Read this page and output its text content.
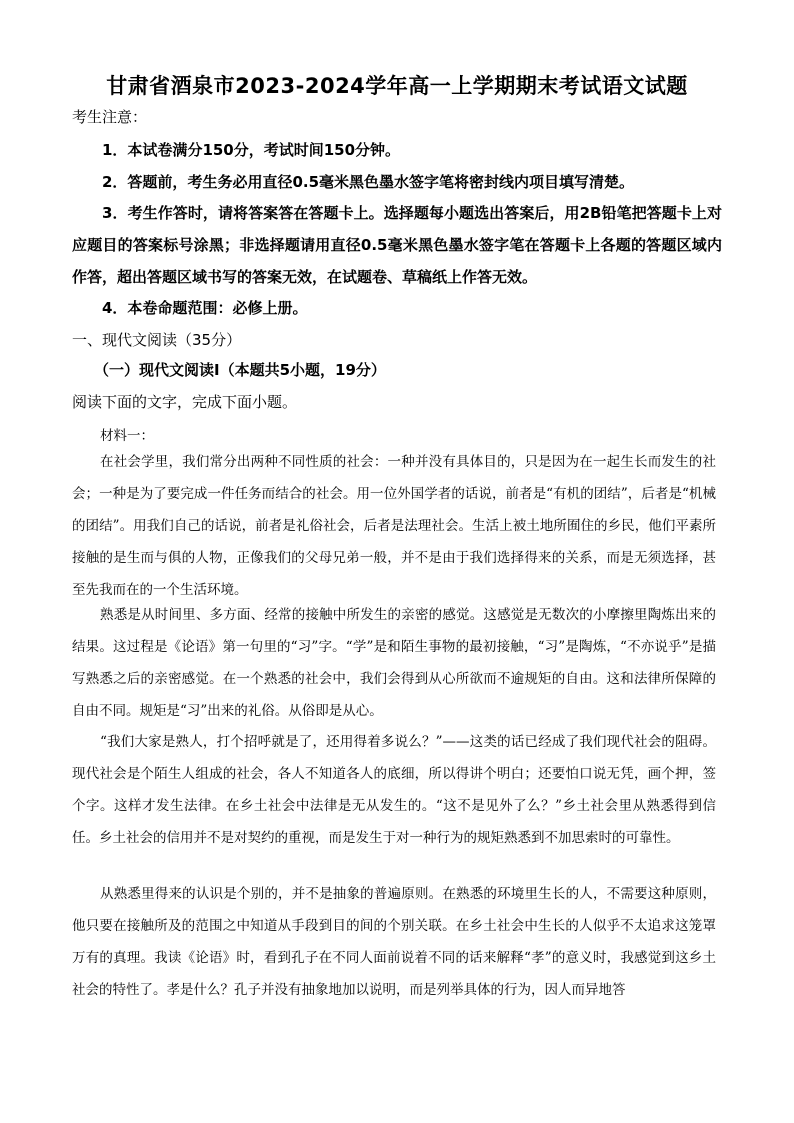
甘肃省酒泉市2023-2024学年高一上学期期末考试语文试题
考生注意：
1．本试卷满分150分，考试时间150分钟。
2．答题前，考生务必用直径0.5毫米黑色墨水签字笔将密封线内项目填写清楚。
3．考生作答时，请将答案答在答题卡上。选择题每小题选出答案后，用2B铅笔把答题卡上对应题目的答案标号涂黑；非选择题请用直径0.5毫米黑色墨水签字笔在答题卡上各题的答题区域内作答，超出答题区域书写的答案无效，在试题卷、草稿纸上作答无效。
4．本卷命题范围：必修上册。
一、现代文阅读（35分）
（一）现代文阅读Ⅰ（本题共5小题，19分）
阅读下面的文字，完成下面小题。
材料一：
在社会学里，我们常分出两种不同性质的社会：一种并没有具体目的，只是因为在一起生长而发生的社会；一种是为了要完成一件任务而结合的社会。用一位外国学者的话说，前者是“有机的团结”，后者是“机械的团结”。用我们自己的话说，前者是礼俗社会，后者是法理社会。生活上被土地所囿住的乡民，他们平素所接触的是生而与俱的人物，正像我们的父母兄弟一般，并不是由于我们选择得来的关系，而是无须选择，甚至先我而在的一个生活环境。
熟悉是从时间里、多方面、经常的接触中所发生的亲密的感觉。这感觉是无数次的小摩擦里陶炼出来的结果。这过程是《论语》第一句里的“习”字。“学”是和陌生事物的最初接触，“习”是陶炼，“不亦说乎”是描写熟悉之后的亲密感觉。在一个熟悉的社会中，我们会得到从心所欲而不逾规矩的自由。这和法律所保障的自由不同。规矩是“习”出来的礼俗。从俗即是从心。
“我们大家是熟人，打个招呼就是了，还用得着多说么？”——这类的话已经成了我们现代社会的阻碍。现代社会是个陌生人组成的社会，各人不知道各人的底细，所以得讲个明白；还要怕口说无凭，画个押，签个字。这样才发生法律。在乡土社会中法律是无从发生的。“这不是见外了么？”乡土社会里从熟悉得到信任。乡土社会的信用并不是对契约的重视，而是发生于对一种行为的规矩熟悉到不加思索时的可靠性。
从熟悉里得来的认识是个别的，并不是抽象的普遍原则。在熟悉的环境里生长的人，不需要这种原则，他只要在接触所及的范围之中知道从手段到目的间的个别关联。在乡土社会中生长的人似乎不太追求这笼罩万有的真理。我读《论语》时，看到孔子在不同人面前说着不同的话来解释“孝”的意义时，我感觉到这乡土社会的特性了。孝是什么？孔子并没有抽象地加以说明，而是列举具体的行为，因人而异地答
